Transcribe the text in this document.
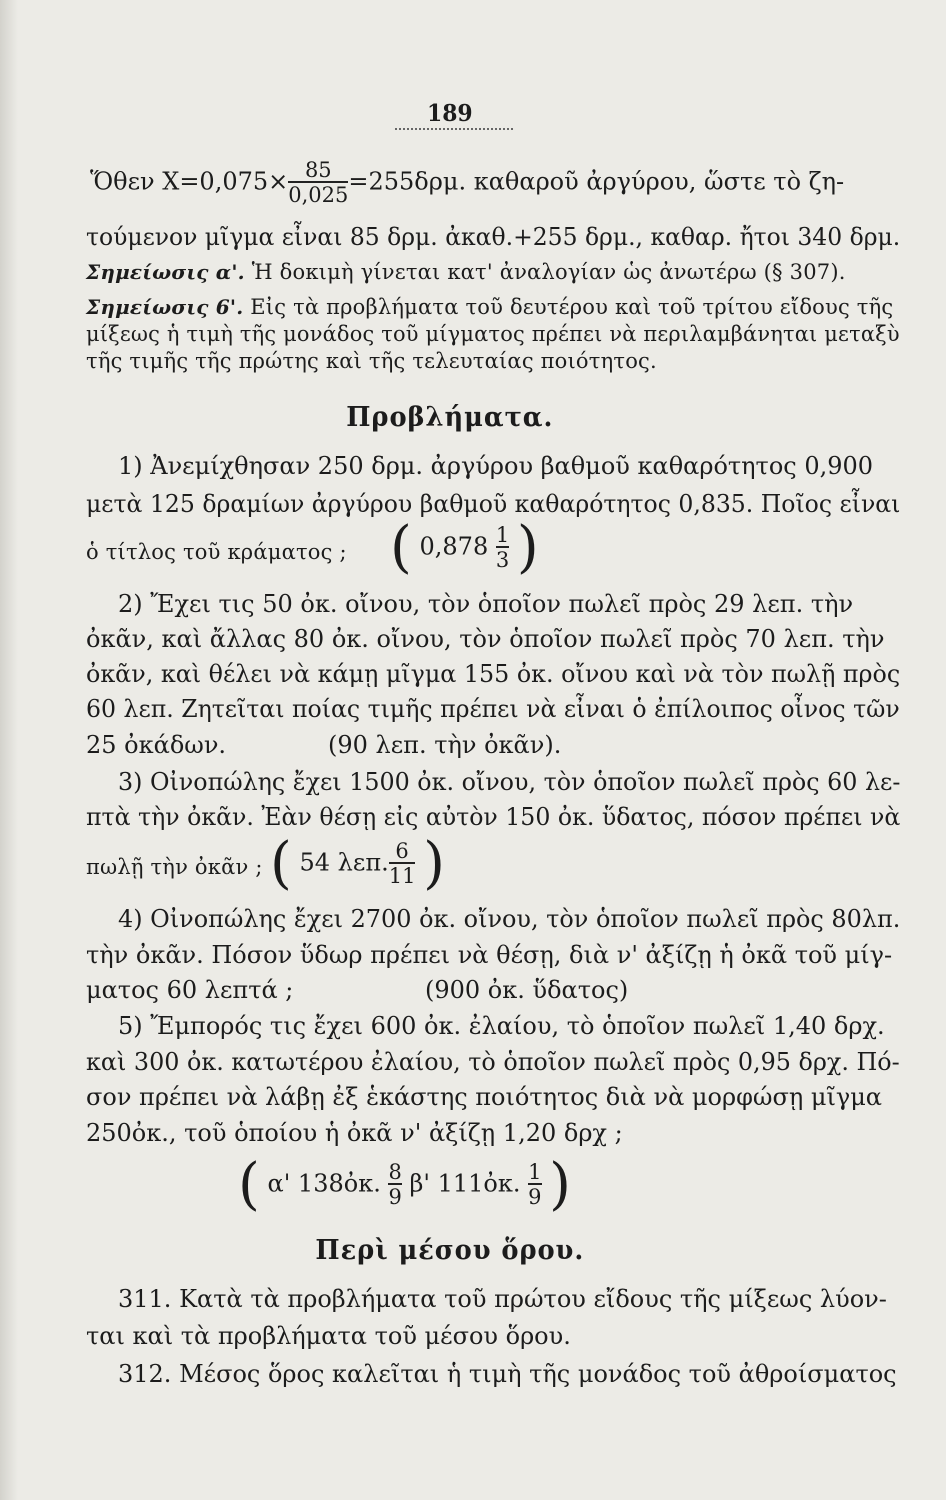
189
Ὅθεν $X=0,075\times \frac{85}{0,025} =255\delta\rho\mu$. καθαροῦ ἀργύρου, ὥστε τὸ ζη-
τούμενον μῖγμα εἶναι 85 δρμ. ἀκαθ.+255 δρμ., καθαρ. ἤτοι 340 δρμ.
Σημείωσις α'. Ἡ δοκιμὴ γίνεται κατ' ἀναλογίαν ὡς ἀνωτέρω (§ 307).
Σημείωσις 6'. Εἰς τὰ προβλήματα τοῦ δευτέρου καὶ τοῦ τρίτου εἴδους τῆς
μίξεως ἡ τιμὴ τῆς μονάδος τοῦ μίγματος πρέπει νὰ περιλαμβάνηται μεταξὺ
τῆς τιμῆς τῆς πρώτης καὶ τῆς τελευταίας ποιότητος.
Προβλήματα.
1) Ἀνεμίχθησαν 250 δρμ. ἀργύρου βαθμοῦ καθαρότητος 0,900
μετὰ 125 δραμίων ἀργύρου βαθμοῦ καθαρότητος 0,835. Ποῖος εἶναι
ὁ τίτλος τοῦ κράματος ; ( $0,878 \frac{1}{3}$ )
2) Ἔχει τις 50 ὀκ. οἴνου, τὸν ὁποῖον πωλεῖ πρὸς 29 λεπ. τὴν
ὀκᾶν, καὶ ἄλλας 80 ὀκ. οἴνου, τὸν ὁποῖον πωλεῖ πρὸς 70 λεπ. τὴν
ὀκᾶν, καὶ θέλει νὰ κάμῃ μῖγμα 155 ὀκ. οἴνου καὶ νὰ τὸν πωλῇ πρὸς
60 λεπ. Ζητεῖται ποίας τιμῆς πρέπει νὰ εἶναι ὁ ἐπίλοιπος οἶνος τῶν
25 ὀκάδων.	(90 λεπ. τὴν ὀκᾶν).
3) Οἰνοπώλης ἔχει 1500 ὀκ. οἴνου, τὸν ὁποῖον πωλεῖ πρὸς 60 λε-
πτὰ τὴν ὀκᾶν. Ἐὰν θέσῃ εἰς αὐτὸν 150 ὀκ. ὕδατος, πόσον πρέπει νὰ
πωλῇ τὴν ὀκᾶν ; ( 54 λεπ. $\frac{6}{11}$ )
4) Οἰνοπώλης ἔχει 2700 ὀκ. οἴνου, τὸν ὁποῖον πωλεῖ πρὸς 80λπ.
τὴν ὀκᾶν. Πόσον ὕδωρ πρέπει νὰ θέσῃ, διὰ ν' ἀξίζῃ ἡ ὀκᾶ τοῦ μίγ-
ματος 60 λεπτά ;	(900 ὀκ. ὕδατος)
5) Ἔμπορός τις ἔχει 600 ὀκ. ἐλαίου, τὸ ὁποῖον πωλεῖ 1,40 δρχ.
καὶ 300 ὀκ. κατωτέρου ἐλαίου, τὸ ὁποῖον πωλεῖ πρὸς 0,95 δρχ. Πό-
σον πρέπει νὰ λάβῃ ἐξ ἑκάστης ποιότητος διὰ νὰ μορφώσῃ μῖγμα
250ὀκ., τοῦ ὁποίου ἡ ὀκᾶ ν' ἀξίζῃ 1,20 δρχ ;
( α' 138ὀκ. $\frac{8}{9} \beta'$ 111ὀκ. $\frac{1}{9}$ )
Περὶ μέσου ὅρου.
311. Κατὰ τὰ προβλήματα τοῦ πρώτου εἴδους τῆς μίξεως λύον-
ται καὶ τὰ προβλήματα τοῦ μέσου ὅρου.
312. Μέσος ὅρος καλεῖται ἡ τιμὴ τῆς μονάδος τοῦ ἀθροίσματος
